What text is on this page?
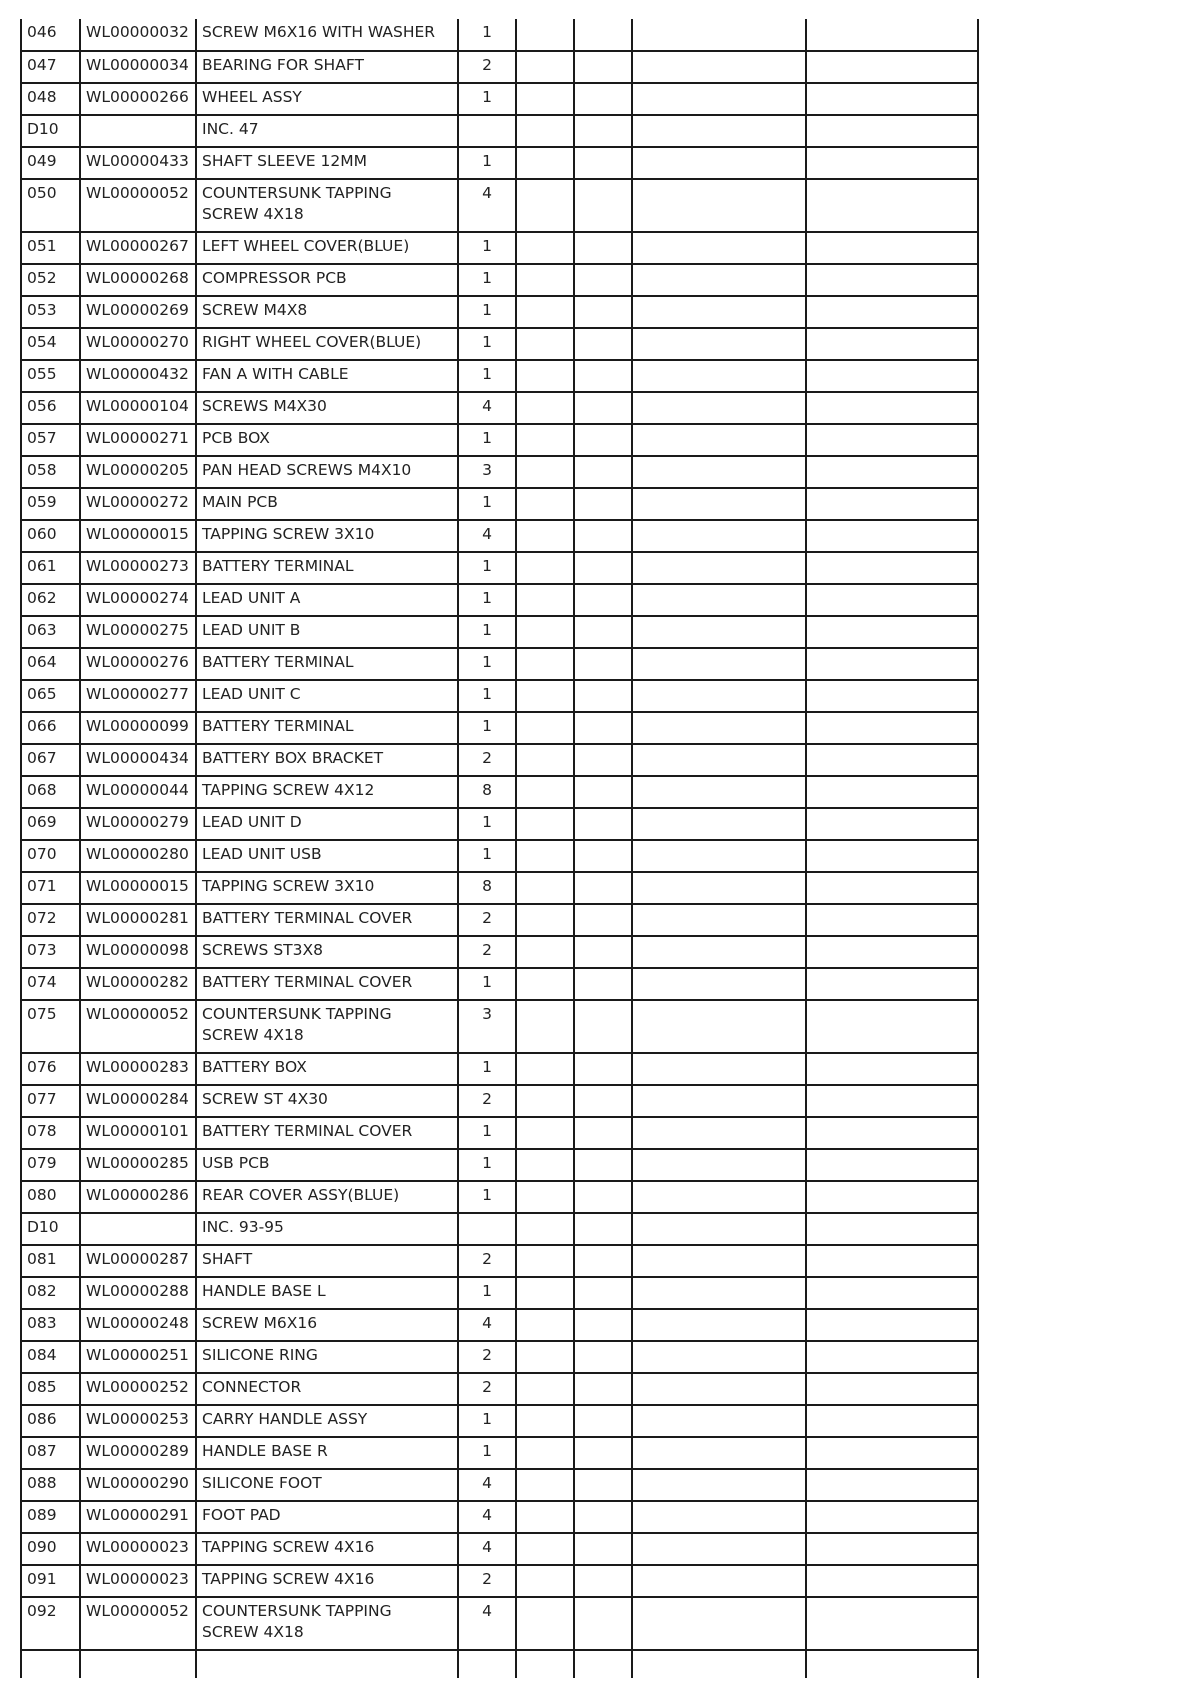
046	WL00000032	SCREW M6X16 WITH WASHER	1				
047	WL00000034	BEARING FOR SHAFT	2				
048	WL00000266	WHEEL ASSY	1				
D10		INC. 47					

049	WL00000433	SHAFT SLEEVE 12MM	1				
050	WL00000052	COUNTERSUNK TAPPING SCREW 4X18	4				
051	WL00000267	LEFT WHEEL COVER(BLUE)	1				
052	WL00000268	COMPRESSOR PCB	1				
053	WL00000269	SCREW M4X8	1				
054	WL00000270	RIGHT WHEEL COVER(BLUE)	1				
055	WL00000432	FAN A WITH CABLE	1				
056	WL00000104	SCREWS M4X30	4				
057	WL00000271	PCB BOX	1				
058	WL00000205	PAN HEAD SCREWS M4X10	3				
059	WL00000272	MAIN PCB	1				
060	WL00000015	TAPPING SCREW 3X10	4				
061	WL00000273	BATTERY TERMINAL	1				
062	WL00000274	LEAD UNIT A	1				
063	WL00000275	LEAD UNIT B	1				
064	WL00000276	BATTERY TERMINAL	1				
065	WL00000277	LEAD UNIT C	1				
066	WL00000099	BATTERY TERMINAL	1				
067	WL00000434	BATTERY BOX BRACKET	2				
068	WL00000044	TAPPING SCREW 4X12	8				
069	WL00000279	LEAD UNIT D	1				
070	WL00000280	LEAD UNIT USB	1				
071	WL00000015	TAPPING SCREW 3X10	8				
072	WL00000281	BATTERY TERMINAL COVER	2				
073	WL00000098	SCREWS ST3X8	2				
074	WL00000282	BATTERY TERMINAL COVER	1				
075	WL00000052	COUNTERSUNK TAPPING SCREW 4X18	3				
076	WL00000283	BATTERY BOX	1				
077	WL00000284	SCREW ST 4X30	2				
078	WL00000101	BATTERY TERMINAL COVER	1				
079	WL00000285	USB PCB	1				
080	WL00000286	REAR COVER ASSY(BLUE)	1				
D10		INC. 93-95					

081	WL00000287	SHAFT	2				
082	WL00000288	HANDLE BASE L	1				
083	WL00000248	SCREW M6X16	4				
084	WL00000251	SILICONE RING	2				
085	WL00000252	CONNECTOR	2				
086	WL00000253	CARRY HANDLE ASSY	1				
087	WL00000289	HANDLE BASE R	1				
088	WL00000290	SILICONE FOOT	4				
089	WL00000291	FOOT PAD	4				
090	WL00000023	TAPPING SCREW 4X16	4				
091	WL00000023	TAPPING SCREW 4X16	2				
092	WL00000052	COUNTERSUNK TAPPING SCREW 4X18	4				
